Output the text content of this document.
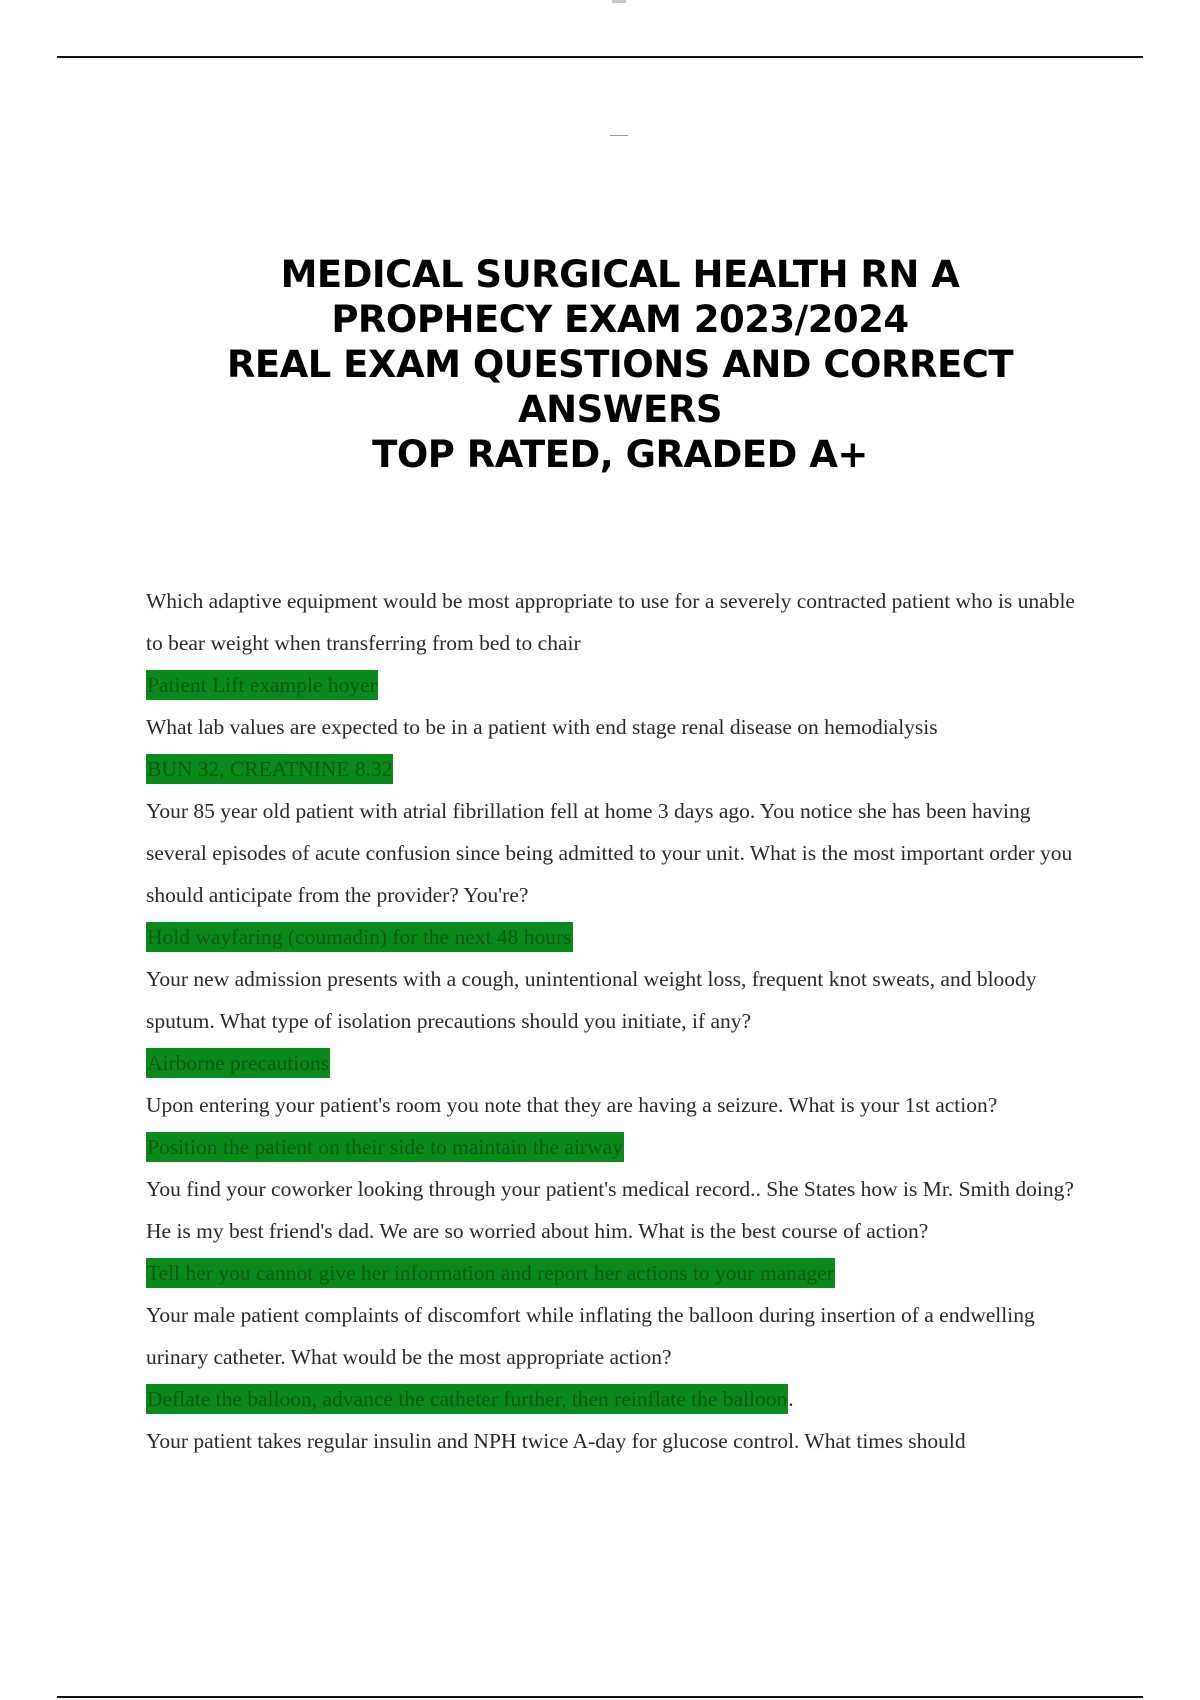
MEDICAL SURGICAL HEALTH RN A
PROPHECY EXAM 2023/2024
REAL EXAM QUESTIONS AND CORRECT
ANSWERS
TOP RATED, GRADED A+

Which adaptive equipment would be most appropriate to use for a severely contracted patient who is unable to bear weight when transferring from bed to chair

Patient Lift example hoyer

What lab values are expected to be in a patient with end stage renal disease on hemodialysis

BUN 32, CREATNINE 8.32

Your 85 year old patient with atrial fibrillation fell at home 3 days ago. You notice she has been having several episodes of acute confusion since being admitted to your unit. What is the most important order you should anticipate from the provider? You're?

Hold wayfaring (coumadin) for the next 48 hours

Your new admission presents with a cough, unintentional weight loss, frequent knot sweats, and bloody sputum. What type of isolation precautions should you initiate, if any?

Airborne precautions

Upon entering your patient's room you note that they are having a seizure. What is your 1st action?

Position the patient on their side to maintain the airway

You find your coworker looking through your patient's medical record.. She States how is Mr. Smith doing? He is my best friend's dad. We are so worried about him. What is the best course of action?

Tell her you cannot give her information and report her actions to your manager

Your male patient complaints of discomfort while inflating the balloon during insertion of a endwelling urinary catheter. What would be the most appropriate action?

Deflate the balloon, advance the catheter further, then reinflate the balloon.

Your patient takes regular insulin and NPH twice A-day for glucose control. What times should
